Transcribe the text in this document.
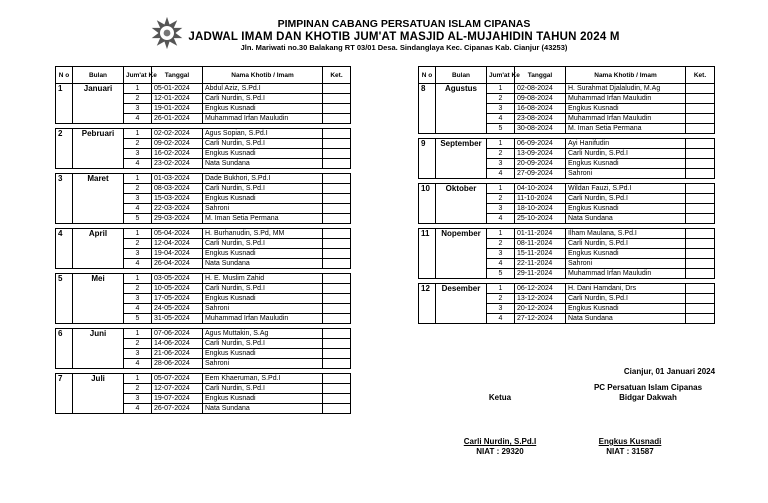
PIMPINAN CABANG PERSATUAN ISLAM CIPANAS
JADWAL IMAM DAN KHOTIB JUM'AT MASJID AL-MUJAHIDIN TAHUN 2024 M
Jln. Mariwati no.30 Balakang RT 03/01 Desa. Sindanglaya Kec. Cipanas Kab. Cianjur (43253)
N o	Bulan	Jum'at Ke	Tanggal	Nama Khotib / Imam	Ket.
1	Januari	1	05-01-2024	Abdul Aziz, S.Pd.I	
		2	12-01-2024	Carli Nurdin, S.Pd.I	
		3	19-01-2024	Engkus Kusnadi	
		4	26-01-2024	Muhammad Irfan Mauludin	

2	Pebruari	1	02-02-2024	Agus Sopian, S.Pd.I	
		2	09-02-2024	Carli Nurdin, S.Pd.I	
		3	16-02-2024	Engkus Kusnadi	
		4	23-02-2024	Nata Sundana	

3	Maret	1	01-03-2024	Dade Bukhori, S.Pd.I	
		2	08-03-2024	Carli Nurdin, S.Pd.I	
		3	15-03-2024	Engkus Kusnadi	
		4	22-03-2024	Sahroni	
		5	29-03-2024	M. Iman Setia Permana	

4	April	1	05-04-2024	H. Burhanudin, S.Pd, MM	
		2	12-04-2024	Carli Nurdin, S.Pd.I	
		3	19-04-2024	Engkus Kusnadi	
		4	26-04-2024	Nata Sundana	

5	Mei	1	03-05-2024	H. E. Muslim Zahid	
		2	10-05-2024	Carli Nurdin, S.Pd.I	
		3	17-05-2024	Engkus Kusnadi	
		4	24-05-2024	Sahroni	
		5	31-05-2024	Muhammad Irfan Mauludin	

6	Juni	1	07-06-2024	Agus Muttakin, S.Ag	
		2	14-06-2024	Carli Nurdin, S.Pd.I	
		3	21-06-2024	Engkus Kusnadi	
		4	28-06-2024	Sahroni	

7	Juli	1	05-07-2024	Eem Khaeruman, S.Pd.I	
		2	12-07-2024	Carli Nurdin, S.Pd.I	
		3	19-07-2024	Engkus Kusnadi	
		4	26-07-2024	Nata Sundana	
N o	Bulan	Jum'at Ke	Tanggal	Nama Khotib / Imam	Ket.
8	Agustus	1	02-08-2024	H. Surahmat Djalaludin, M.Ag	
		2	09-08-2024	Muhammad Irfan Mauludin	
		3	16-08-2024	Engkus Kusnadi	
		4	23-08-2024	Muhammad Irfan Mauludin	
		5	30-08-2024	M. Iman Setia Permana	

9	September	1	06-09-2024	Ayi Hanifudin	
		2	13-09-2024	Carli Nurdin, S.Pd.I	
		3	20-09-2024	Engkus Kusnadi	
		4	27-09-2024	Sahroni	

10	Oktober	1	04-10-2024	Wildan Fauzi, S.Pd.I	
		2	11-10-2024	Carli Nurdin, S.Pd.I	
		3	18-10-2024	Engkus Kusnadi	
		4	25-10-2024	Nata Sundana	

11	Nopember	1	01-11-2024	Ilham Maulana, S.Pd.I	
		2	08-11-2024	Carli Nurdin, S.Pd.I	
		3	15-11-2024	Engkus Kusnadi	
		4	22-11-2024	Sahroni	
		5	29-11-2024	Muhammad Irfan Mauludin	

12	Desember	1	06-12-2024	H. Dani Hamdani, Drs	
		2	13-12-2024	Carli Nurdin, S.Pd.I	
		3	20-12-2024	Engkus Kusnadi	
		4	27-12-2024	Nata Sundana	
Cianjur, 01 Januari 2024
PC Persatuan Islam Cipanas
Bidgar Dakwah
Ketua
Carli Nurdin, S.Pd.I
NIAT : 29320
Engkus Kusnadi
NIAT : 31587
